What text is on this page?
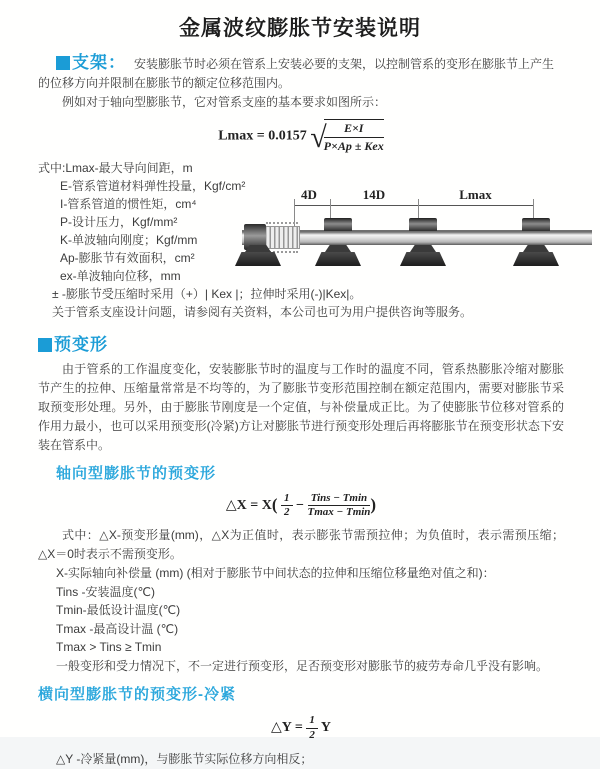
金属波纹膨胀节安装说明

支架： 安装膨胀节时必须在管系上安装必要的支架，以控制管系的变形在膨胀节上产生的位移方向并限制在膨胀节的额定位移范围内。

例如对于轴向型膨胀节，它对管系支座的基本要求如图所示：

Lmax = 0.0157 √	E×I
P×Ap ± Kex
式中:Lmax-最大导向间距，m
E-管系管道材料弹性投量，Kgf/cm²
I-管系管道的惯性矩，cm⁴
P-设计压力，Kgf/mm²
K-单波轴向刚度；Kgf/mm
Ap-膨胀节有效面积，cm²
ex-单波轴向位移，mm
± -膨胀节受压缩时采用（+）| Kex |；拉伸时采用(-)|Kex|。
关于管系支座设计问题，请参阅有关资料，本公司也可为用户提供咨询等服务。
预变形

由于管系的工作温度变化，安装膨胀节时的温度与工作时的温度不同，管系热膨胀冷缩对膨胀节产生的拉伸、压缩量常常是不均等的，为了膨胀节变形范围控制在额定范围内，需要对膨胀节采取预变形处理。另外，由于膨胀节刚度是一个定值，与补偿量成正比。为了使膨胀节位移对管系的作用力最小，也可以采用预变形(冷紧)方让对膨胀节进行预变形处理后再将膨胀节在预变形状态下安装在管系中。

轴向型膨胀节的预变形
△X = $X( \frac{1}{2}$ − Tins − Tmin
Tmax − Tmin )

式中：△X-预变形量(mm)，△X为正值时，表示膨张节需预拉伸；为负值时，表示需预压缩；△X＝0时表示不需预变形。

X-实际轴向补偿量 (mm) (相对于膨胀节中间状态的拉伸和压缩位移量绝对值之和)：
Tins -安装温度(℃)
Tmin-最低设计温度(℃)
Tmax -最高设计温 (℃)
Tmax > Tins ≥ Tmin
一般变形和受力情况下，不一定进行预变形，足否预变形对膨胀节的疲劳寿命几乎没有影响。
横向型膨胀节的预变形-冷紧
△Y = $\frac{1}{2}$ Y

△Y -冷紧量(mm)，与膨胀节实际位移方向相反；

4D	14D	Lmax
